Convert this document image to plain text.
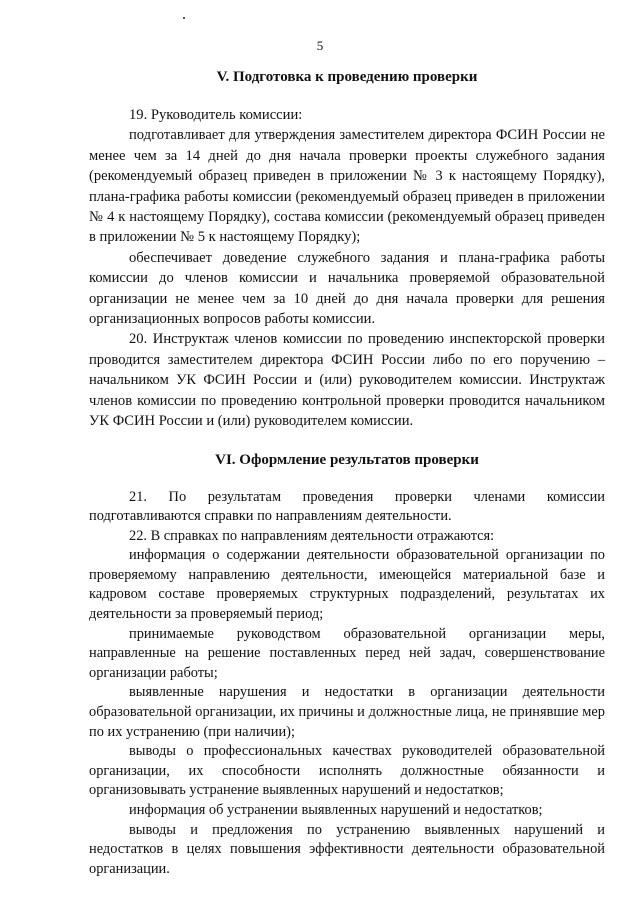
5
V. Подготовка к проведению проверки

19. Руководитель комиссии:

подготавливает для утверждения заместителем директора ФСИН России не менее чем за 14 дней до дня начала проверки проекты служебного задания (рекомендуемый образец приведен в приложении № 3 к настоящему Порядку), плана-графика работы комиссии (рекомендуемый образец приведен в приложении № 4 к настоящему Порядку), состава комиссии (рекомендуемый образец приведен в приложении № 5 к настоящему Порядку);

обеспечивает доведение служебного задания и плана-графика работы комиссии до членов комиссии и начальника проверяемой образовательной организации не менее чем за 10 дней до дня начала проверки для решения организационных вопросов работы комиссии.

20. Инструктаж членов комиссии по проведению инспекторской проверки проводится заместителем директора ФСИН России либо по его поручению – начальником УК ФСИН России и (или) руководителем комиссии. Инструктаж членов комиссии по проведению контрольной проверки проводится начальником УК ФСИН России и (или) руководителем комиссии.

VI. Оформление результатов проверки

21. По результатам проведения проверки членами комиссии подготавливаются справки по направлениям деятельности.

22. В справках по направлениям деятельности отражаются:

информация о содержании деятельности образовательной организации по проверяемому направлению деятельности, имеющейся материальной базе и кадровом составе проверяемых структурных подразделений, результатах их деятельности за проверяемый период;

принимаемые руководством образовательной организации меры, направленные на решение поставленных перед ней задач, совершенствование организации работы;

выявленные нарушения и недостатки в организации деятельности образовательной организации, их причины и должностные лица, не принявшие мер по их устранению (при наличии);

выводы о профессиональных качествах руководителей образовательной организации, их способности исполнять должностные обязанности и организовывать устранение выявленных нарушений и недостатков;

информация об устранении выявленных нарушений и недостатков;

выводы и предложения по устранению выявленных нарушений и недостатков в целях повышения эффективности деятельности образовательной организации.
